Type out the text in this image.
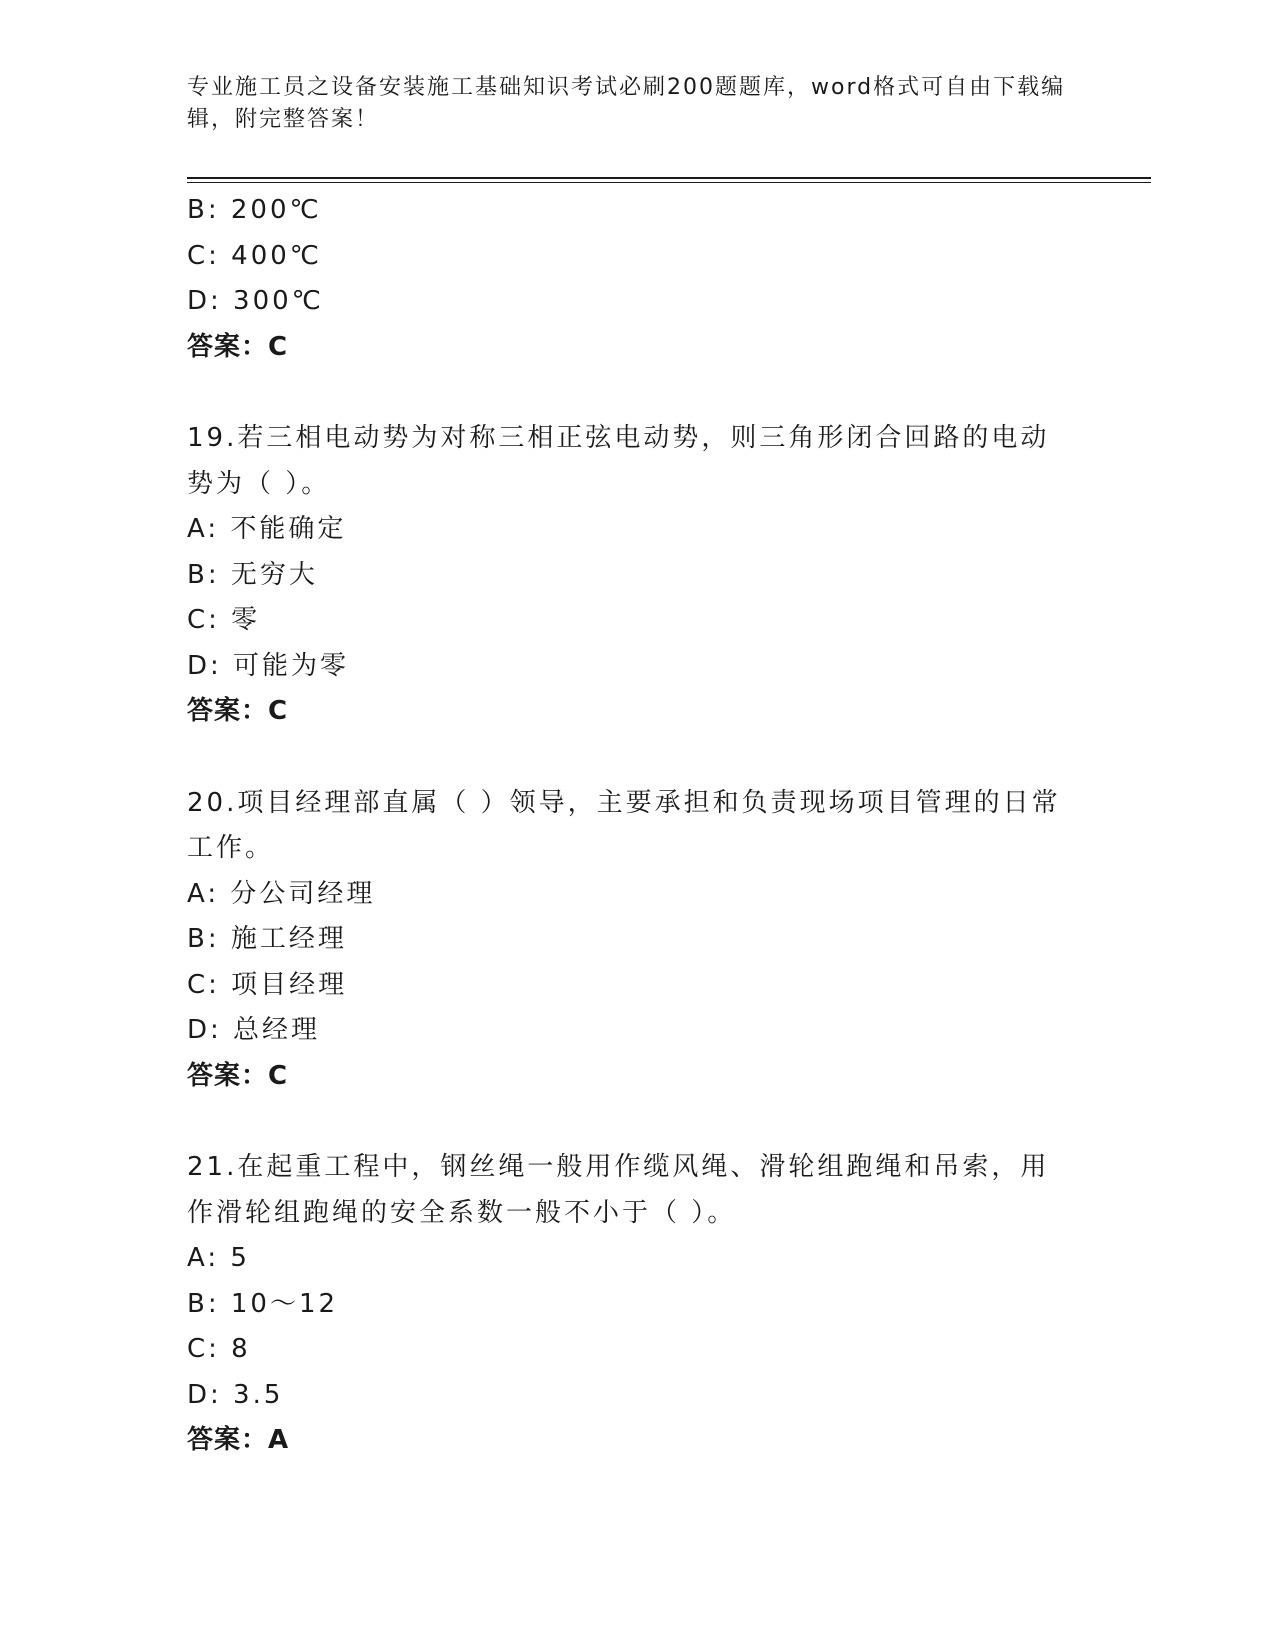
专业施工员之设备安装施工基础知识考试必刷200题题库，word格式可自由下载编辑，附完整答案！
B: 200℃
C: 400℃
D: 300℃
答案：C
19.若三相电动势为对称三相正弦电动势，则三角形闭合回路的电动势为（ ）。
A: 不能确定
B: 无穷大
C: 零
D: 可能为零
答案：C
20.项目经理部直属（ ）领导，主要承担和负责现场项目管理的日常工作。
A: 分公司经理
B: 施工经理
C: 项目经理
D: 总经理
答案：C
21.在起重工程中，钢丝绳一般用作缆风绳、滑轮组跑绳和吊索，用作滑轮组跑绳的安全系数一般不小于（ ）。
A: 5
B: 10～12
C: 8
D: 3.5
答案：A
